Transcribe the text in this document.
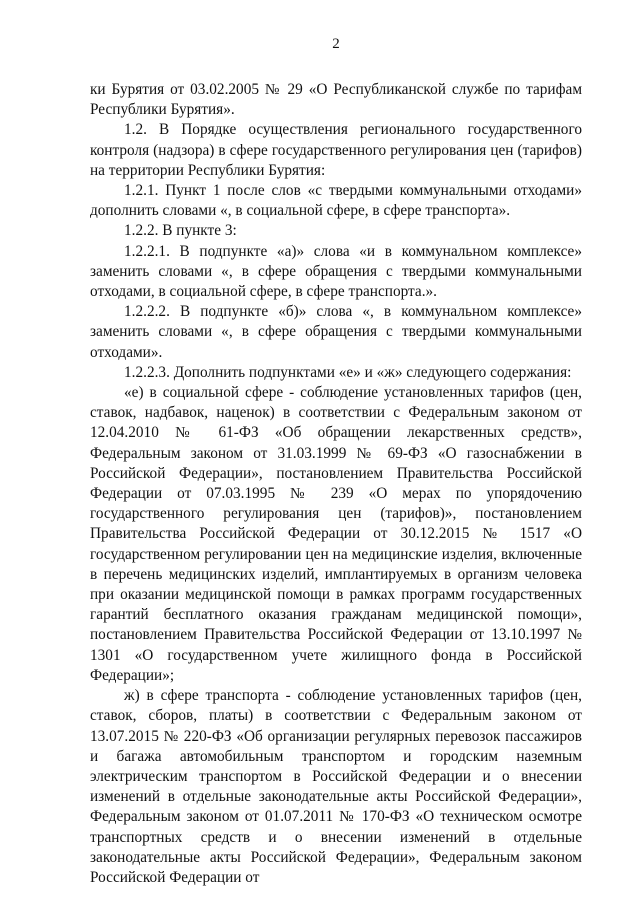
2

ки Бурятия от 03.02.2005 № 29 «О Республиканской службе по тарифам Республики Бурятия».

1.2. В Порядке осуществления регионального государственного контроля (надзора) в сфере государственного регулирования цен (тарифов) на территории Республики Бурятия:

1.2.1. Пункт 1 после слов «с твердыми коммунальными отходами» дополнить словами «, в социальной сфере, в сфере транспорта».

1.2.2. В пункте 3:

1.2.2.1. В подпункте «а)» слова «и в коммунальном комплексе» заменить словами «, в сфере обращения с твердыми коммунальными отходами, в социальной сфере, в сфере транспорта.».

1.2.2.2. В подпункте «б)» слова «, в коммунальном комплексе» заменить словами «, в сфере обращения с твердыми коммунальными отходами».

1.2.2.3. Дополнить подпунктами «е» и «ж» следующего содержания:

«е) в социальной сфере - соблюдение установленных тарифов (цен, ставок, надбавок, наценок) в соответствии с Федеральным законом от 12.04.2010 № 61-ФЗ «Об обращении лекарственных средств», Федеральным законом от 31.03.1999 № 69-ФЗ «О газоснабжении в Российской Федерации», постановлением Правительства Российской Федерации от 07.03.1995 № 239 «О мерах по упорядочению государственного регулирования цен (тарифов)», постановлением Правительства Российской Федерации от 30.12.2015 № 1517 «О государственном регулировании цен на медицинские изделия, включенные в перечень медицинских изделий, имплантируемых в организм человека при оказании медицинской помощи в рамках программ государственных гарантий бесплатного оказания гражданам медицинской помощи», постановлением Правительства Российской Федерации от 13.10.1997 № 1301 «О государственном учете жилищного фонда в Российской Федерации»;

ж) в сфере транспорта - соблюдение установленных тарифов (цен, ставок, сборов, платы) в соответствии с Федеральным законом от 13.07.2015 № 220-ФЗ «Об организации регулярных перевозок пассажиров и багажа автомобильным транспортом и городским наземным электрическим транспортом в Российской Федерации и о внесении изменений в отдельные законодательные акты Российской Федерации», Федеральным законом от 01.07.2011 № 170-ФЗ «О техническом осмотре транспортных средств и о внесении изменений в отдельные законодательные акты Российской Федерации», Федеральным законом Российской Федерации от
